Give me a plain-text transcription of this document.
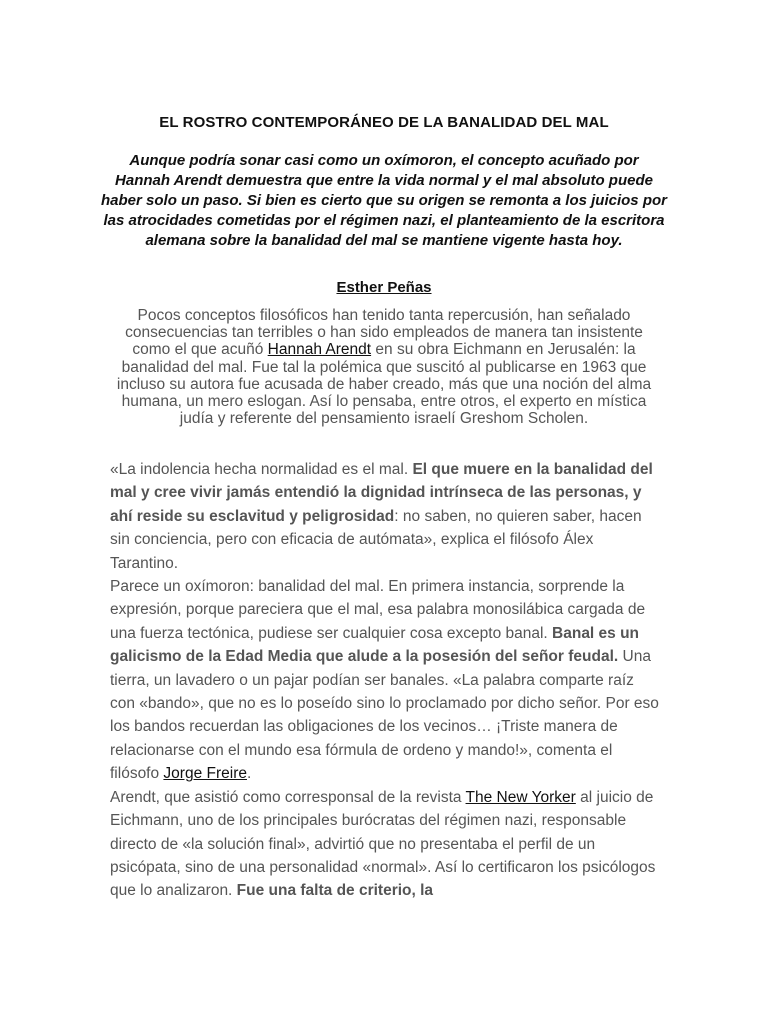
EL ROSTRO CONTEMPORÁNEO DE LA BANALIDAD DEL MAL
Aunque podría sonar casi como un oxímoron, el concepto acuñado por Hannah Arendt demuestra que entre la vida normal y el mal absoluto puede haber solo un paso. Si bien es cierto que su origen se remonta a los juicios por las atrocidades cometidas por el régimen nazi, el planteamiento de la escritora alemana sobre la banalidad del mal se mantiene vigente hasta hoy.
Esther Peñas
Pocos conceptos filosóficos han tenido tanta repercusión, han señalado consecuencias tan terribles o han sido empleados de manera tan insistente como el que acuñó Hannah Arendt en su obra Eichmann en Jerusalén: la banalidad del mal. Fue tal la polémica que suscitó al publicarse en 1963 que incluso su autora fue acusada de haber creado, más que una noción del alma humana, un mero eslogan. Así lo pensaba, entre otros, el experto en mística judía y referente del pensamiento israelí Greshom Scholen.

«La indolencia hecha normalidad es el mal. El que muere en la banalidad del mal y cree vivir jamás entendió la dignidad intrínseca de las personas, y ahí reside su esclavitud y peligrosidad: no saben, no quieren saber, hacen sin conciencia, pero con eficacia de autómata», explica el filósofo Álex Tarantino.

Parece un oxímoron: banalidad del mal. En primera instancia, sorprende la expresión, porque pareciera que el mal, esa palabra monosilábica cargada de una fuerza tectónica, pudiese ser cualquier cosa excepto banal. Banal es un galicismo de la Edad Media que alude a la posesión del señor feudal. Una tierra, un lavadero o un pajar podían ser banales. «La palabra comparte raíz con «bando», que no es lo poseído sino lo proclamado por dicho señor. Por eso los bandos recuerdan las obligaciones de los vecinos… ¡Triste manera de relacionarse con el mundo esa fórmula de ordeno y mando!», comenta el filósofo Jorge Freire.

Arendt, que asistió como corresponsal de la revista The New Yorker al juicio de Eichmann, uno de los principales burócratas del régimen nazi, responsable directo de «la solución final», advirtió que no presentaba el perfil de un psicópata, sino de una personalidad «normal». Así lo certificaron los psicólogos que lo analizaron. Fue una falta de criterio, la
